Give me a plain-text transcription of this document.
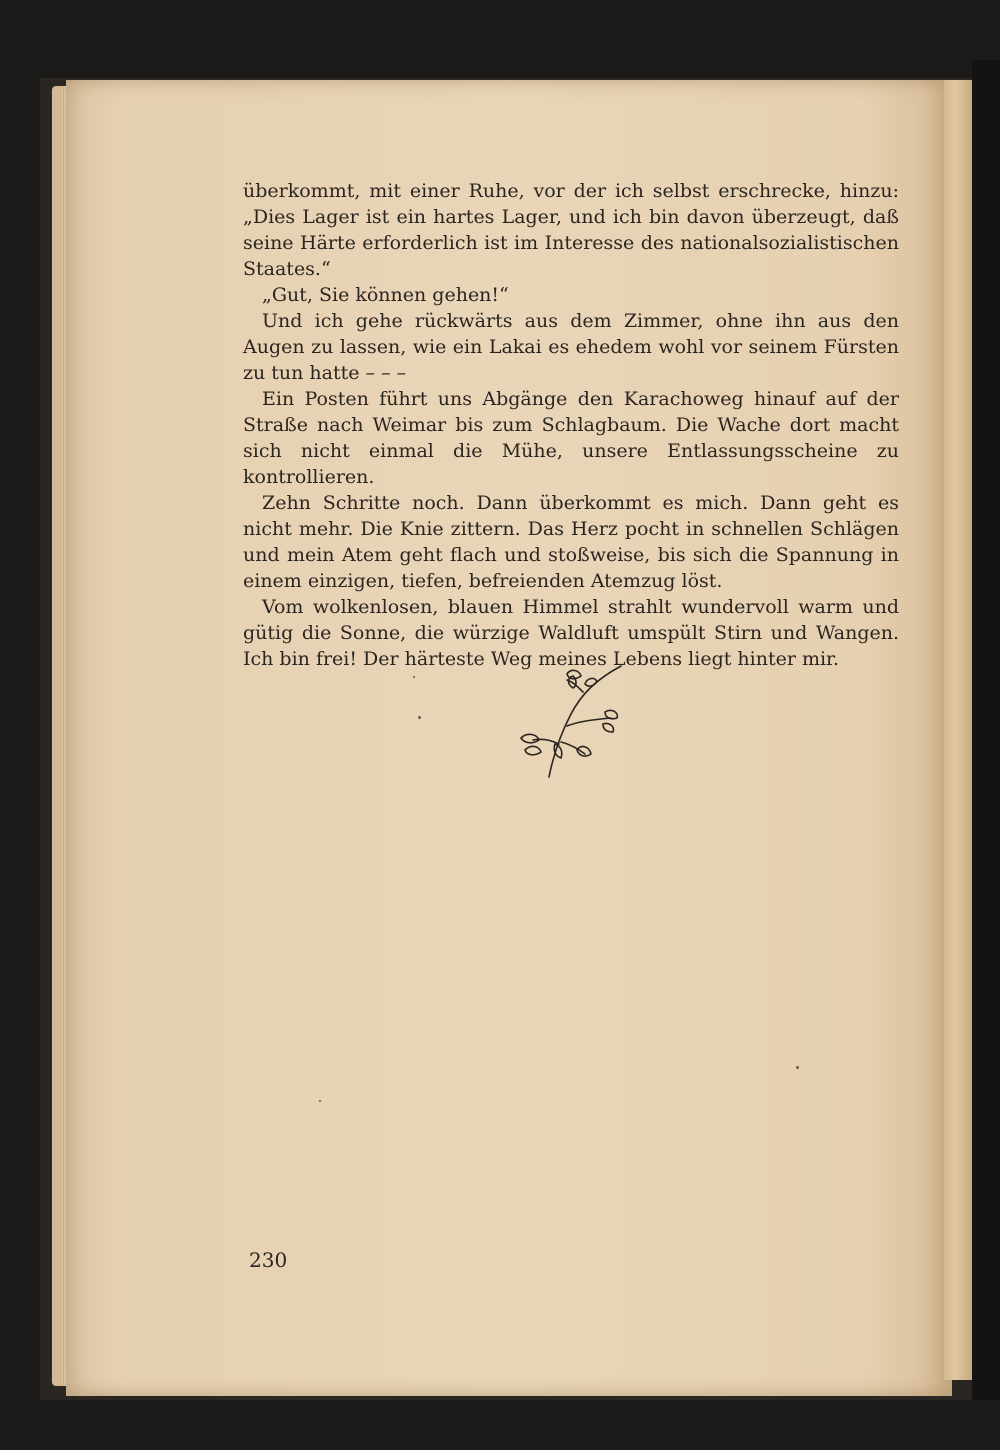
überkommt, mit einer Ruhe, vor der ich selbst erschrecke, hinzu: „Dies Lager ist ein hartes Lager, und ich bin davon überzeugt, daß seine Härte erforderlich ist im Interesse des nationalsozialistischen Staates.“

„Gut, Sie können gehen!“

Und ich gehe rückwärts aus dem Zimmer, ohne ihn aus den Augen zu lassen, wie ein Lakai es ehedem wohl vor seinem Fürsten zu tun hatte – – –

Ein Posten führt uns Abgänge den Karachoweg hinauf auf der Straße nach Weimar bis zum Schlagbaum. Die Wache dort macht sich nicht einmal die Mühe, unsere Entlassungsscheine zu kontrollieren.

Zehn Schritte noch. Dann überkommt es mich. Dann geht es nicht mehr. Die Knie zittern. Das Herz pocht in schnellen Schlägen und mein Atem geht flach und stoßweise, bis sich die Spannung in einem einzigen, tiefen, befreienden Atemzug löst.

Vom wolkenlosen, blauen Himmel strahlt wundervoll warm und gütig die Sonne, die würzige Waldluft umspült Stirn und Wangen. Ich bin frei! Der härteste Weg meines Lebens liegt hinter mir.

230
